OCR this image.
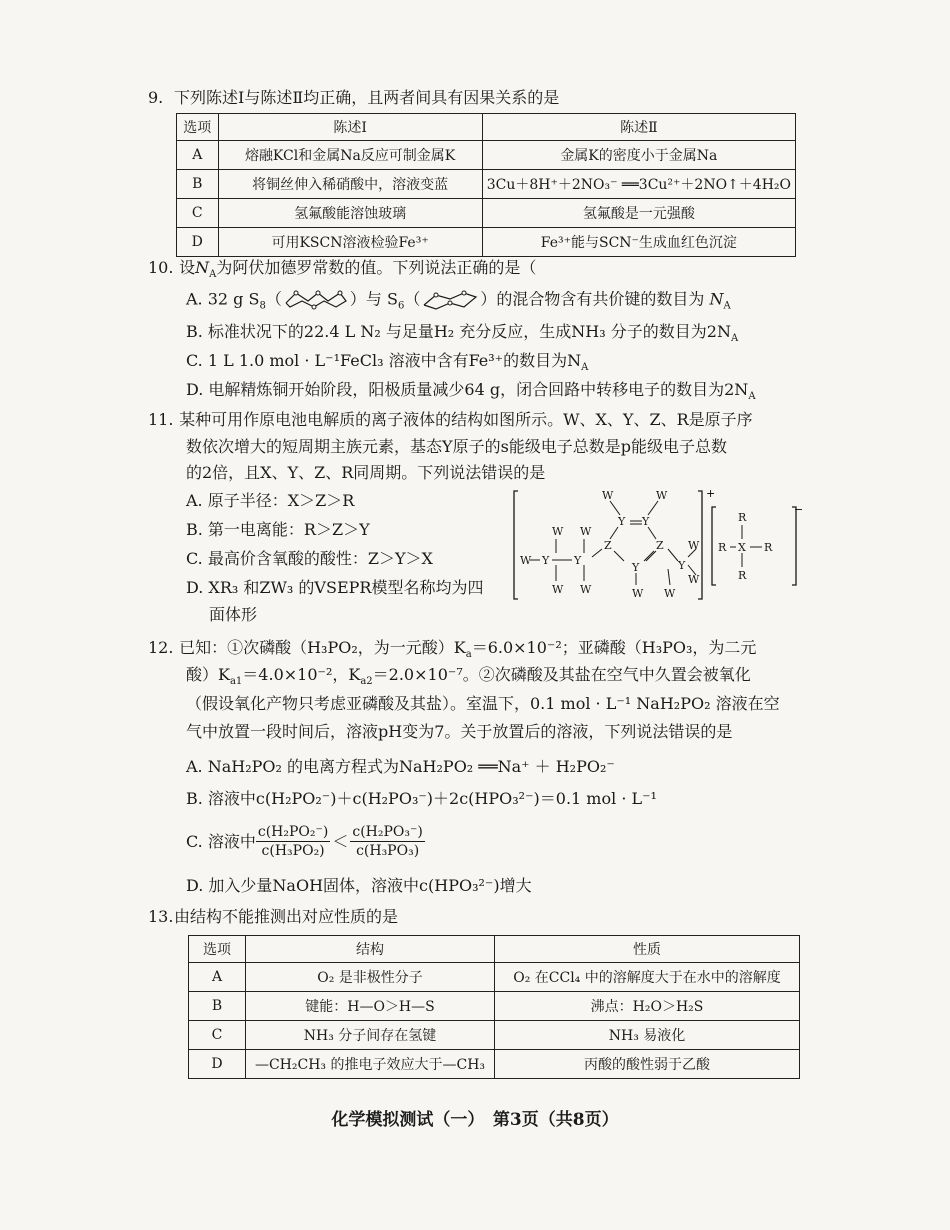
9. 下列陈述Ⅰ与陈述Ⅱ均正确，且两者间具有因果关系的是
选项	陈述Ⅰ	陈述Ⅱ
A	熔融KCl和金属Na反应可制金属K	金属K的密度小于金属Na
B	将铜丝伸入稀硝酸中，溶液变蓝	3Cu＋8H⁺＋2NO₃⁻ ══3Cu²⁺＋2NO↑＋4H₂O
C	氢氟酸能溶蚀玻璃	氢氟酸是一元强酸
D	可用KSCN溶液检验Fe³⁺	Fe³⁺能与SCN⁻生成血红色沉淀
10. 设$N_A$为阿伏加德罗常数的值。下列说法正确的是（
A. 32 g $S_8$（	）与 $S_6$（	）的混合物含有共价键的数目为 $N_A$
B. 标准状况下的22.4 L N₂ 与足量H₂ 充分反应，生成NH₃ 分子的数目为$2N_A$
C. 1 L 1.0 mol · L⁻¹FeCl₃ 溶液中含有Fe³⁺的数目为$N_A$
D. 电解精炼铜开始阶段，阳极质量减少64 g，闭合回路中转移电子的数目为$2N_A$
11. 某种可用作原电池电解质的离子液体的结构如图所示。W、X、Y、Z、R是原子序
数依次增大的短周期主族元素，基态Y原子的s能级电子总数是p能级电子总数
的2倍，且X、Y、Z、R同周期。下列说法错误的是
A. 原子半径：X＞Z＞R
B. 第一电离能：R＞Z＞Y
C. 最高价含氧酸的酸性：Z＞Y＞X
D. XR₃ 和ZW₃ 的VSEPR模型名称均为四
面体形
+
−
W Y
W
W
Y
W
W
Z
Y Y
W	W
Z
Y
W
Y
W
W
W
R
R X R
R
12. 已知：①次磷酸（H₃PO₂，为一元酸）$K_a=6.0\times 10^{-2}$；亚磷酸（H₃PO₃，为二元
酸）$K_{a1}=4.0\times 10^{-2}$，$K_{a2}=2.0\times 10^{-7}$。②次磷酸及其盐在空气中久置会被氧化
（假设氧化产物只考虑亚磷酸及其盐）。室温下，0.1 mol · L⁻¹ NaH₂PO₂ 溶液在空
气中放置一段时间后，溶液pH变为7。关于放置后的溶液，下列说法错误的是
A. NaH₂PO₂ 的电离方程式为NaH₂PO₂ ══Na⁺ ＋ H₂PO₂⁻
B. 溶液中c(H₂PO₂⁻)＋c(H₂PO₃⁻)＋2c(HPO₃²⁻)＝0.1 mol · L⁻¹
C. 溶液中 $\frac{\text{c(H₂PO₂⁻)}}{\text{c(H₃PO₂)}} < \frac{\text{c(H₂PO₃⁻)}}{\text{c(H₃PO₃)}}$
D. 加入少量NaOH固体，溶液中c(HPO₃²⁻)增大
13.由结构不能推测出对应性质的是
选项	结构	性质
A	O₂ 是非极性分子	O₂ 在CCl₄ 中的溶解度大于在水中的溶解度
B	键能：H—O＞H—S	沸点：H₂O＞H₂S
C	NH₃ 分子间存在氢键	NH₃ 易液化
D	—CH₂CH₃ 的推电子效应大于—CH₃	丙酸的酸性弱于乙酸
化学模拟测试（一）　第3页（共8页）
